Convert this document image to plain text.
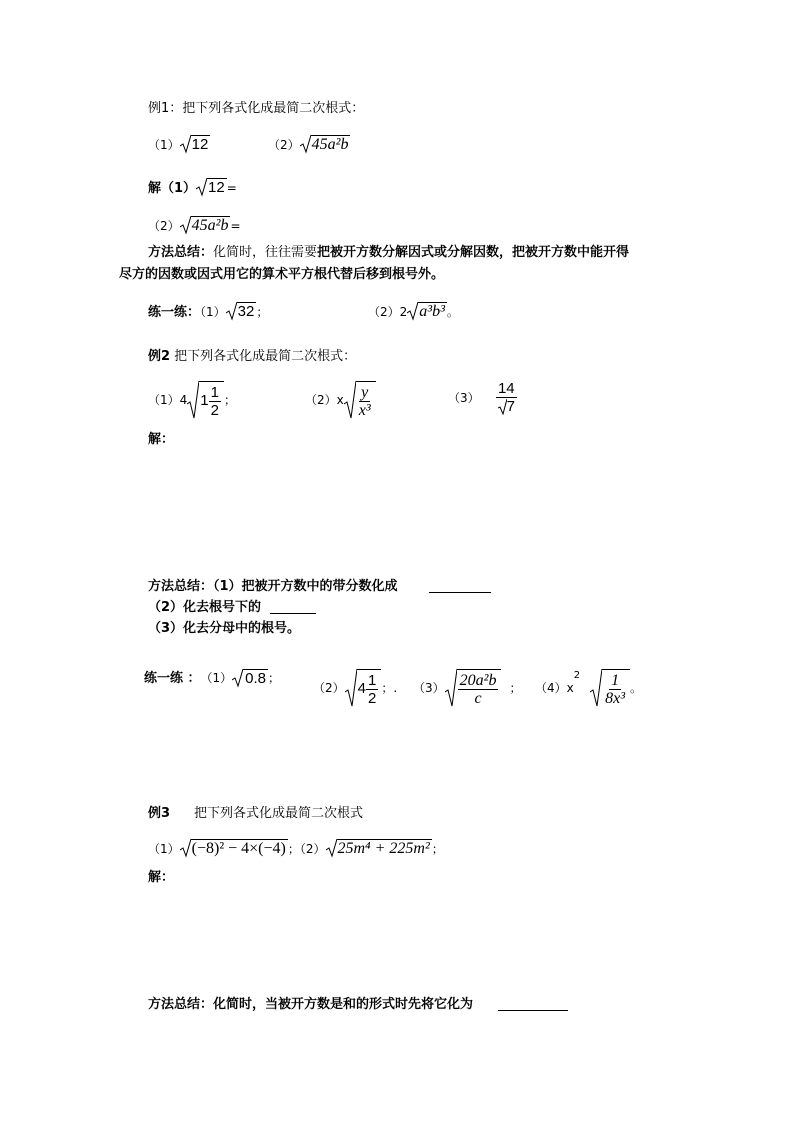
例1：把下列各式化成最简二次根式：
（1） 12	（2） 45a²b
解（1） 12 =
（2） 45a²b =
方法总结：化简时，往往需要把被开方数分解因式或分解因数，把被开方数中能开得
尽方的因数或因式用它的算术平方根代替后移到根号外。
练一练：（1） 32 ；	（2）2 a³b³ 。
例2 把下列各式化成最简二次根式：
（1）4 $1 \frac{1}{2}$ ；	$(2)x \frac{y}{\text{x³}}$	$(3) \frac{14}{7}$
解：
方法总结：（1）把被开方数中的带分数化成
（2）化去根号下的
（3）化去分母中的根号。
练一练 ：（1） 0.8 ；
（2） $4 \frac{1}{2}$ ；. $(3) \frac{\text{20a²b}}{c}$ ； $(4)x2 \frac{1}{\text{8x³}}$ 。
例3 把下列各式化成最简二次根式
（1） (−8)² − 4×(−4) ；（2） 25m⁴ + 225m² ；
解：
方法总结：化简时，当被开方数是和的形式时先将它化为
